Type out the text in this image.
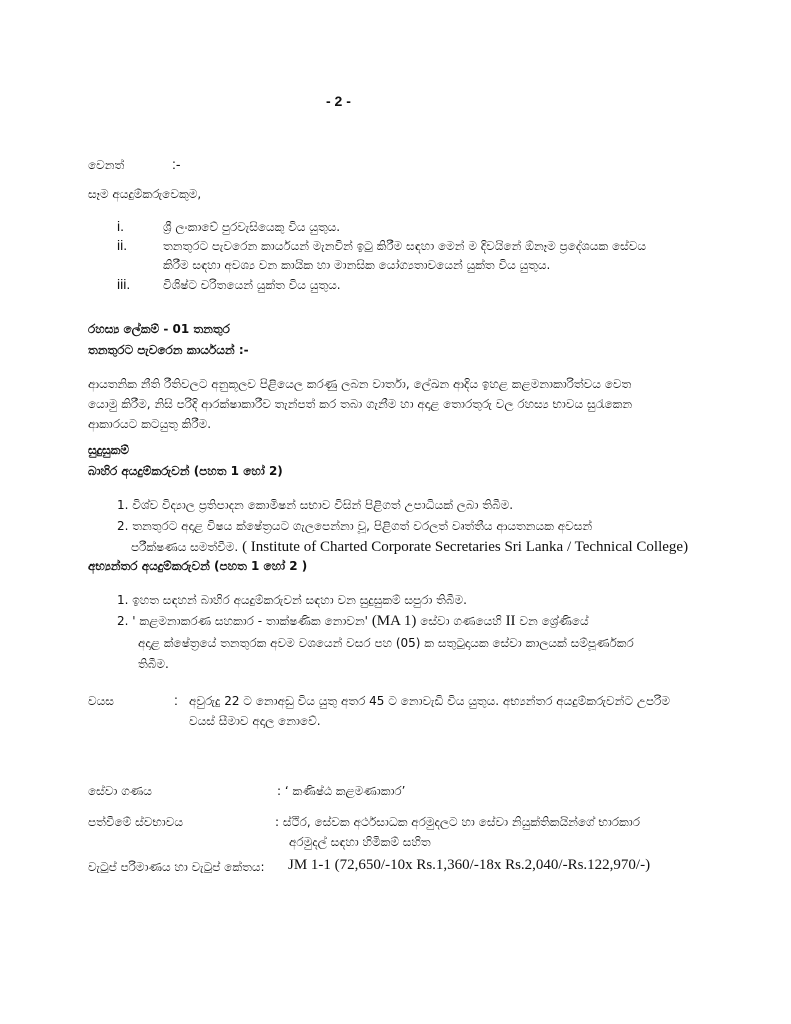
- 2 -
වෙනත්	:-
සෑම අයදුම්කරුවෙකුම,
i.	ශ්‍රී ලංකාවේ පුරවැසියෙකු විය යුතුය.
ii.	තනතුරට පැවරෙන කාර්යයන් මැනවින් ඉටු කිරීම සඳහා මෙන් ම දිවයිනේ ඕනෑම ප්‍රදේශයක සේවය
කිරීම සඳහා අවශ්‍ය වන කායික හා මානසික යෝග්‍යතාවයෙන් යුක්ත විය යුතුය.
iii.	විශිෂ්ට චරිතයෙන් යුක්ත විය යුතුය.
රහස්‍ය ලේකම් - 01 තනතුර
තනතුරට පැවරෙන කාර්යයන් :-
ආයතනික නීති රීතිවලට අනුකූලව පිළියෙල කරණු ලබන වාර්තා, ලේඛන ආදිය ඉහළ කළමනාකාරිත්වය වෙත
යොමු කිරීම, නිසි පරිදි ආරක්ෂාකාරීව තැන්පත් කර තබා ගැනීම හා අදාළ තොරතුරු වල රහස්‍ය භාවය සුරැකෙන
ආකාරයට කටයුතු කිරීම.
සුදුසුකම්
බාහිර අයදුම්කරුවන් (පහත 1 හෝ 2)
1. විශ්ව විද්‍යාල ප්‍රතිපාදන කොමිෂන් සභාව විසින් පිළිගත් උපාධියක් ලබා තිබීම.
2. තනතුරට අදාළ විෂය ක්ෂේත්‍රයට ගැලපෙන්නා වූ, පිළිගත් වරලත් වෘත්තීය ආයතනයක අවසන්
පරීක්ෂණය සමත්වීම. ( Institute of Charted Corporate Secretaries Sri Lanka / Technical College)
අභ්‍යන්තර අයදුම්කරුවන් (පහත 1 හෝ 2 )
1. ඉහත සඳහන් බාහිර අයදුම්කරුවන් සඳහා වන සුදුසුකම් සපුරා තිබීම.
2. ' කළමනාකරණ සහකාර - තාක්ෂණික නොවන' (MA 1) සේවා ගණයෙහි II වන ශ්‍රේණියේ
අදාළ ක්ෂේත්‍රයේ තනතුරක අවම වශයෙන් වසර පහ (05) ක සතුටුදායක සේවා කාලයක් සම්පූර්ණකර
තිබීම.
වයස	: අවුරුදු 22 ට නොඅඩු විය යුතු අතර 45 ට නොවැඩි විය යුතුය. අභ්‍යන්තර අයදුම්කරුවන්ට උපරිම
වයස් සීමාව අදාල නොවේ.
සේවා ගණය	: ‘ කණිෂ්ඨ කළමණාකාර’
පත්වීමේ ස්වභාවය	: ස්ථිර, සේවක අර්ථසාධක අරමුදලට හා සේවා නියුක්තිකයින්ගේ භාරකාර
අරමුදල් සඳහා හිමිකම් සහිත
වැටුප් පරිමාණය හා වැටුප් කේතය: JM 1-1 (72,650/-10x Rs.1,360/-18x Rs.2,040/-Rs.122,970/-)
